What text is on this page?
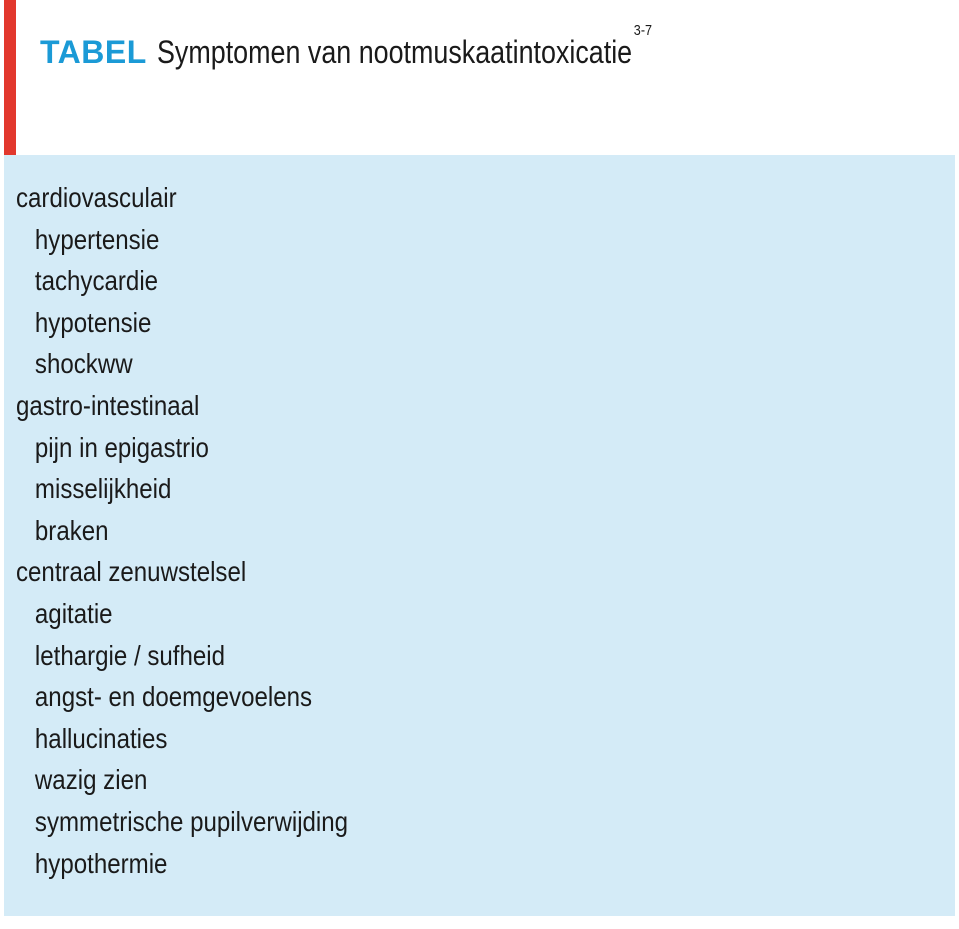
TABEL Symptomen van nootmuskaatintoxicatie$^{3-7}$
cardiovasculair
hypertensie
tachycardie
hypotensie
shockww
gastro-intestinaal
pijn in epigastrio
misselijkheid
braken
centraal zenuwstelsel
agitatie
lethargie / sufheid
angst- en doemgevoelens
hallucinaties
wazig zien
symmetrische pupilverwijding
hypothermie
